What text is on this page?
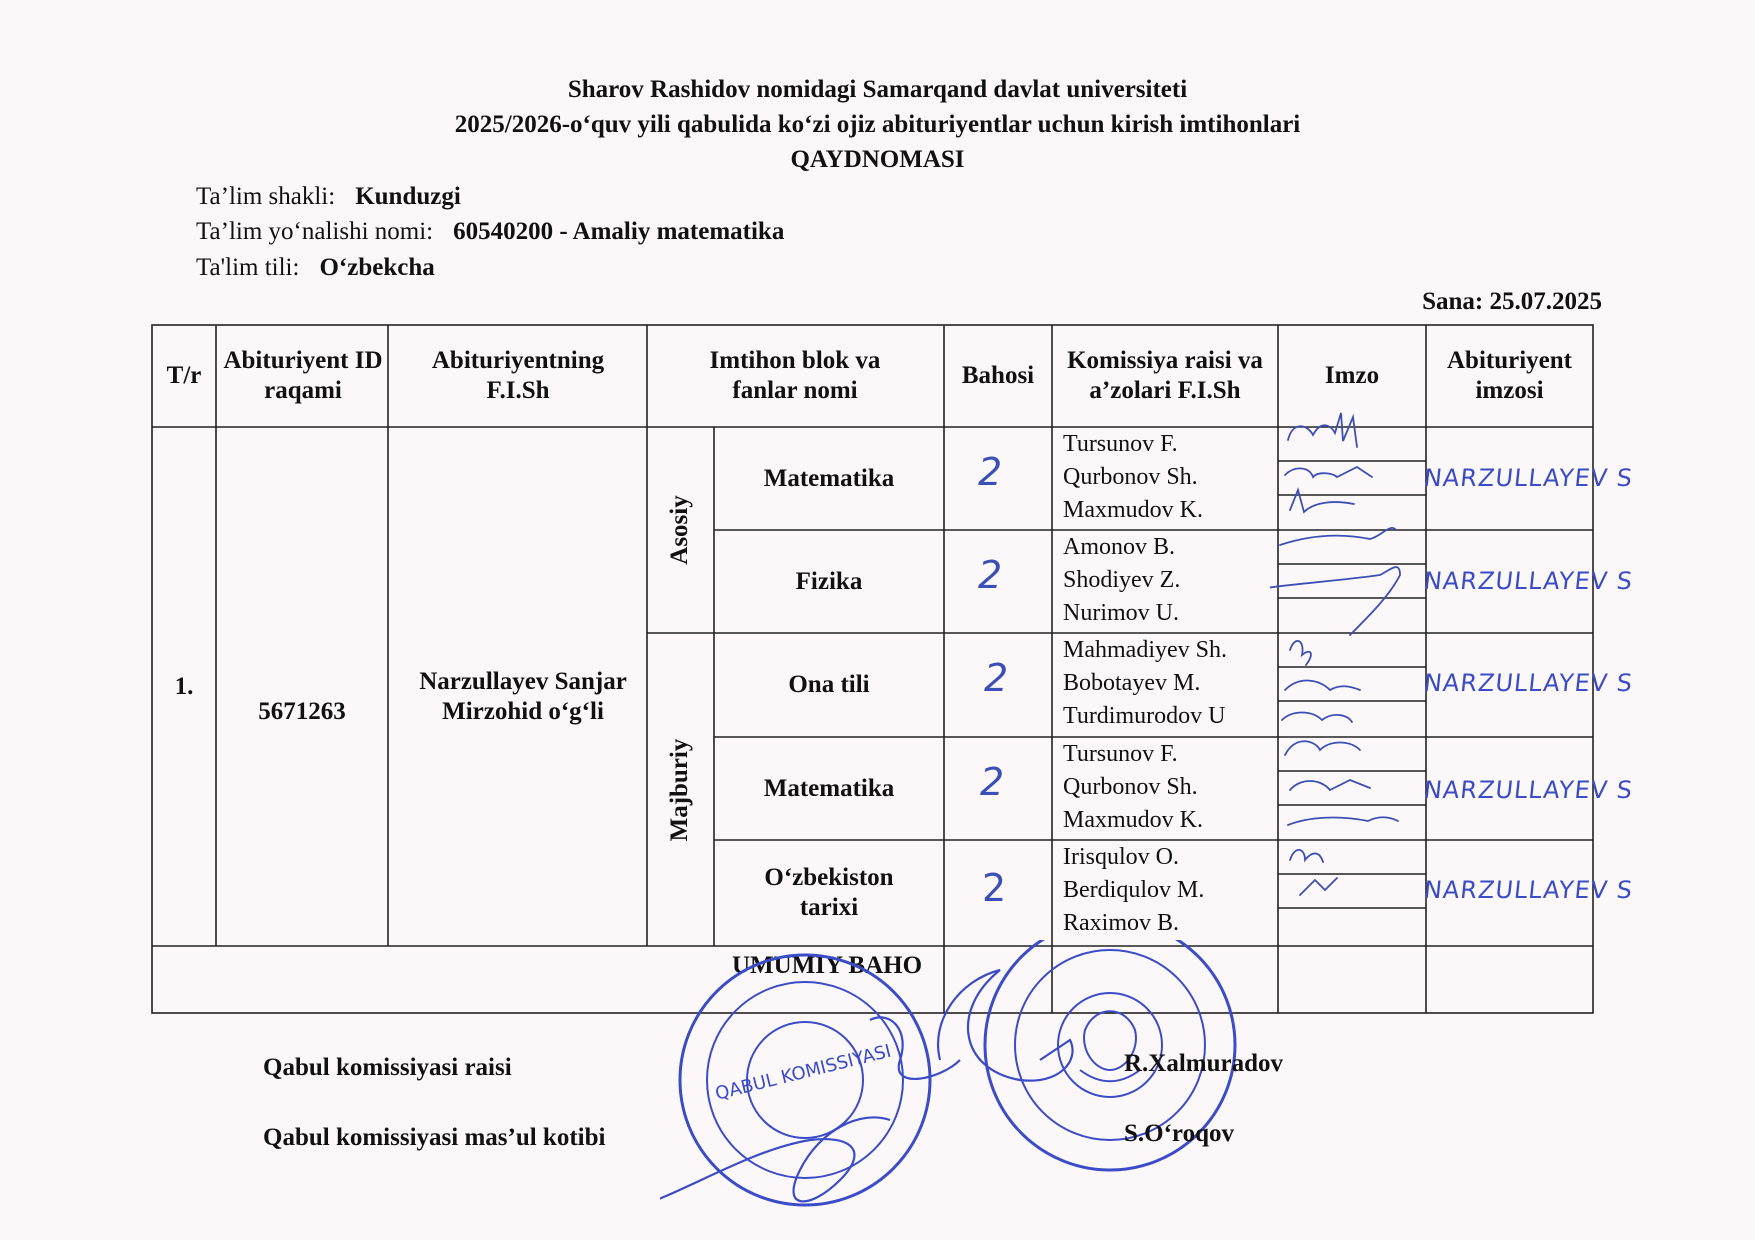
Sharov Rashidov nomidagi Samarqand davlat universiteti
2025/2026-o‘quv yili qabulida ko‘zi ojiz abituriyentlar uchun kirish imtihonlari
QAYDNOMASI
Ta’lim shakli: Kunduzgi
Ta’lim yo‘nalishi nomi: 60540200 - Amaliy matematika
Ta'lim tili: O‘zbekcha
Sana: 25.07.2025
T/r
Abituriyent ID raqami
Abituriyentning F.I.Sh
Imtihon blok va fanlar nomi
Bahosi
Komissiya raisi va a’zolari F.I.Sh
Imzo
Abituriyent imzosi
1.
5671263
Narzullayev Sanjar Mirzohid o‘g‘li
Asosiy
Majburiy
Matematika
Fizika
Ona tili
Matematika
O‘zbekiston tarixi
2
2
2
2
2
Tursunov F.
Qurbonov Sh.
Maxmudov K.
Amonov B.
Shodiyev Z.
Nurimov U.
Mahmadiyev Sh.
Bobotayev M.
Turdimurodov U
Tursunov F.
Qurbonov Sh.
Maxmudov K.
Irisqulov O.
Berdiqulov M.
Raximov B.
NARZULLAYEV S
NARZULLAYEV S
NARZULLAYEV S
NARZULLAYEV S
NARZULLAYEV S
UMUMIY BAHO
QABUL KOMISSIYASI
Qabul komissiyasi raisi	R.Xalmuradov
Qabul komissiyasi mas’ul kotibi	S.O‘roqov
